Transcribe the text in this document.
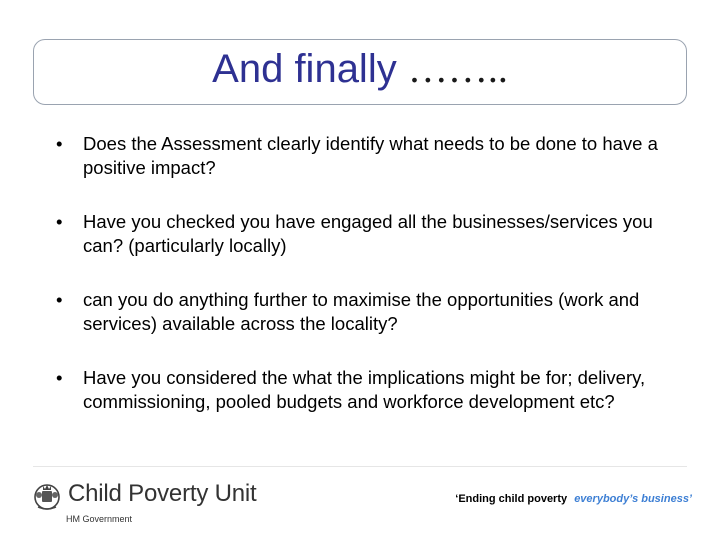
And finally ……..
• Does the Assessment clearly identify what needs to be done to have a positive impact?
• Have you checked you have engaged all the businesses/services you can? (particularly locally)
• can you do anything further to maximise the opportunities (work and services) available across the locality?
• Have you considered the what the implications might be for; delivery, commissioning, pooled budgets and workforce development etc?
Child Poverty Unit
HM Government
‘Ending child poverty everybody’s business’
